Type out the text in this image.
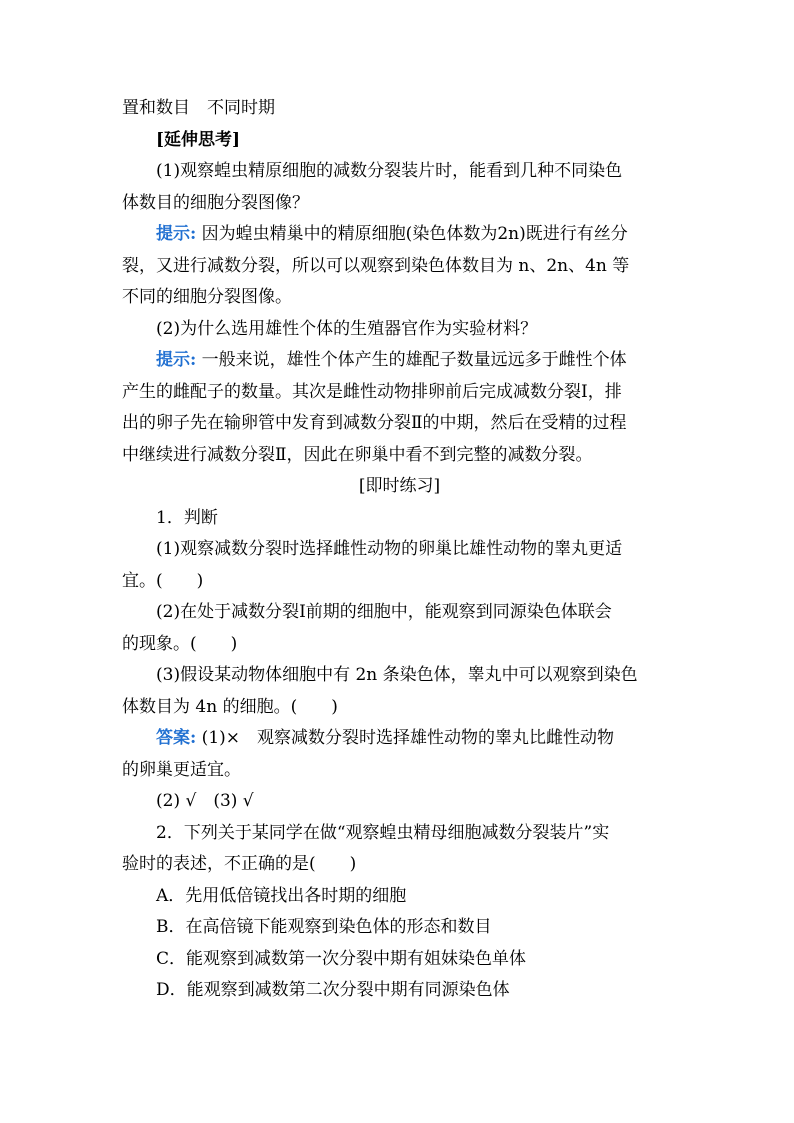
置和数目　不同时期

[延伸思考]

(1)观察蝗虫精原细胞的减数分裂装片时，能看到几种不同染色

体数目的细胞分裂图像？

提示: 因为蝗虫精巢中的精原细胞(染色体数为2n)既进行有丝分

裂，又进行减数分裂，所以可以观察到染色体数目为 n、2n、4n 等

不同的细胞分裂图像。

(2)为什么选用雄性个体的生殖器官作为实验材料？

提示: 一般来说，雄性个体产生的雄配子数量远远多于雌性个体

产生的雌配子的数量。其次是雌性动物排卵前后完成减数分裂Ⅰ，排

出的卵子先在输卵管中发育到减数分裂Ⅱ的中期，然后在受精的过程

中继续进行减数分裂Ⅱ，因此在卵巢中看不到完整的减数分裂。

[即时练习]

1．判断

(1)观察减数分裂时选择雌性动物的卵巢比雄性动物的睾丸更适

宜。(　　)

(2)在处于减数分裂Ⅰ前期的细胞中，能观察到同源染色体联会

的现象。(　　)

(3)假设某动物体细胞中有 2n 条染色体，睾丸中可以观察到染色

体数目为 4n 的细胞。(　　)

答案: (1)×　观察减数分裂时选择雄性动物的睾丸比雌性动物

的卵巢更适宜。

(2) √　(3) √

2．下列关于某同学在做“观察蝗虫精母细胞减数分裂装片”实

验时的表述，不正确的是(　　)

A．先用低倍镜找出各时期的细胞

B．在高倍镜下能观察到染色体的形态和数目

C．能观察到减数第一次分裂中期有姐妹染色单体

D．能观察到减数第二次分裂中期有同源染色体
